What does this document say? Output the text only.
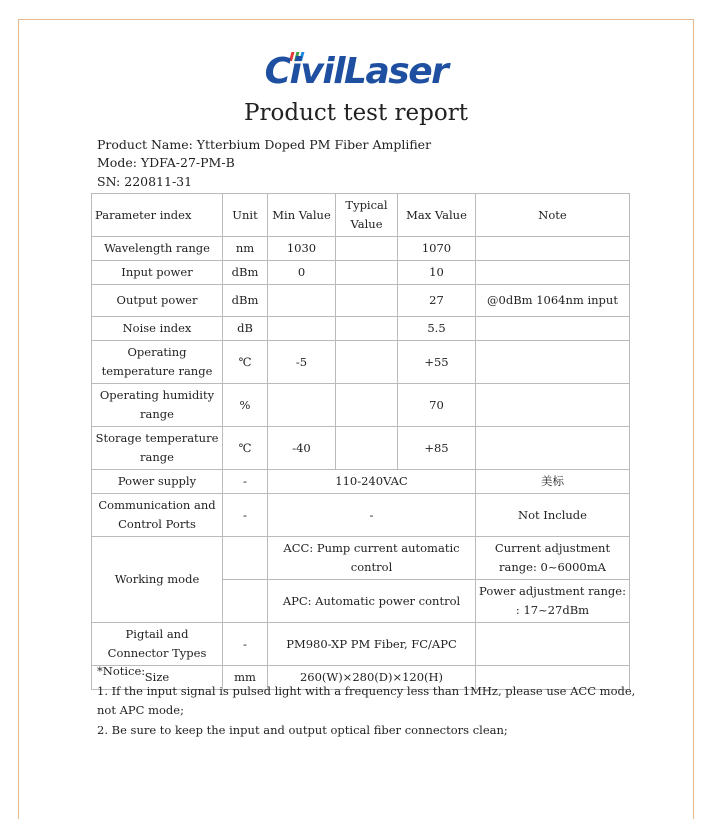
CivilLaser
Product test report
Product Name: Ytterbium Doped PM Fiber Amplifier
Mode: YDFA-27-PM-B
SN: 220811-31
Parameter index	Unit	Min Value	Typical Value	Max Value	Note
Wavelength range	nm	1030		1070	
Input power	dBm	0		10	
Output power	dBm			27	@0dBm 1064nm input
Noise index	dB			5.5	
Operating temperature range	℃	-5		+55	
Operating humidity range	%			70	
Storage temperature range	℃	-40		+85	
Power supply	-	110-240VAC			美标
Communication and Control Ports	-	-			Not Include
Working mode		ACC: Pump current automatic control			Current adjustment range: 0~6000mA
		APC: Automatic power control			Power adjustment range: : 17~27dBm
Pigtail and Connector Types	-	PM980-XP PM Fiber, FC/APC			
Size	mm	260(W)×280(D)×120(H)			
*Notice:
1. If the input signal is pulsed light with a frequency less than 1MHz, please use ACC mode, not APC mode;
2. Be sure to keep the input and output optical fiber connectors clean;
